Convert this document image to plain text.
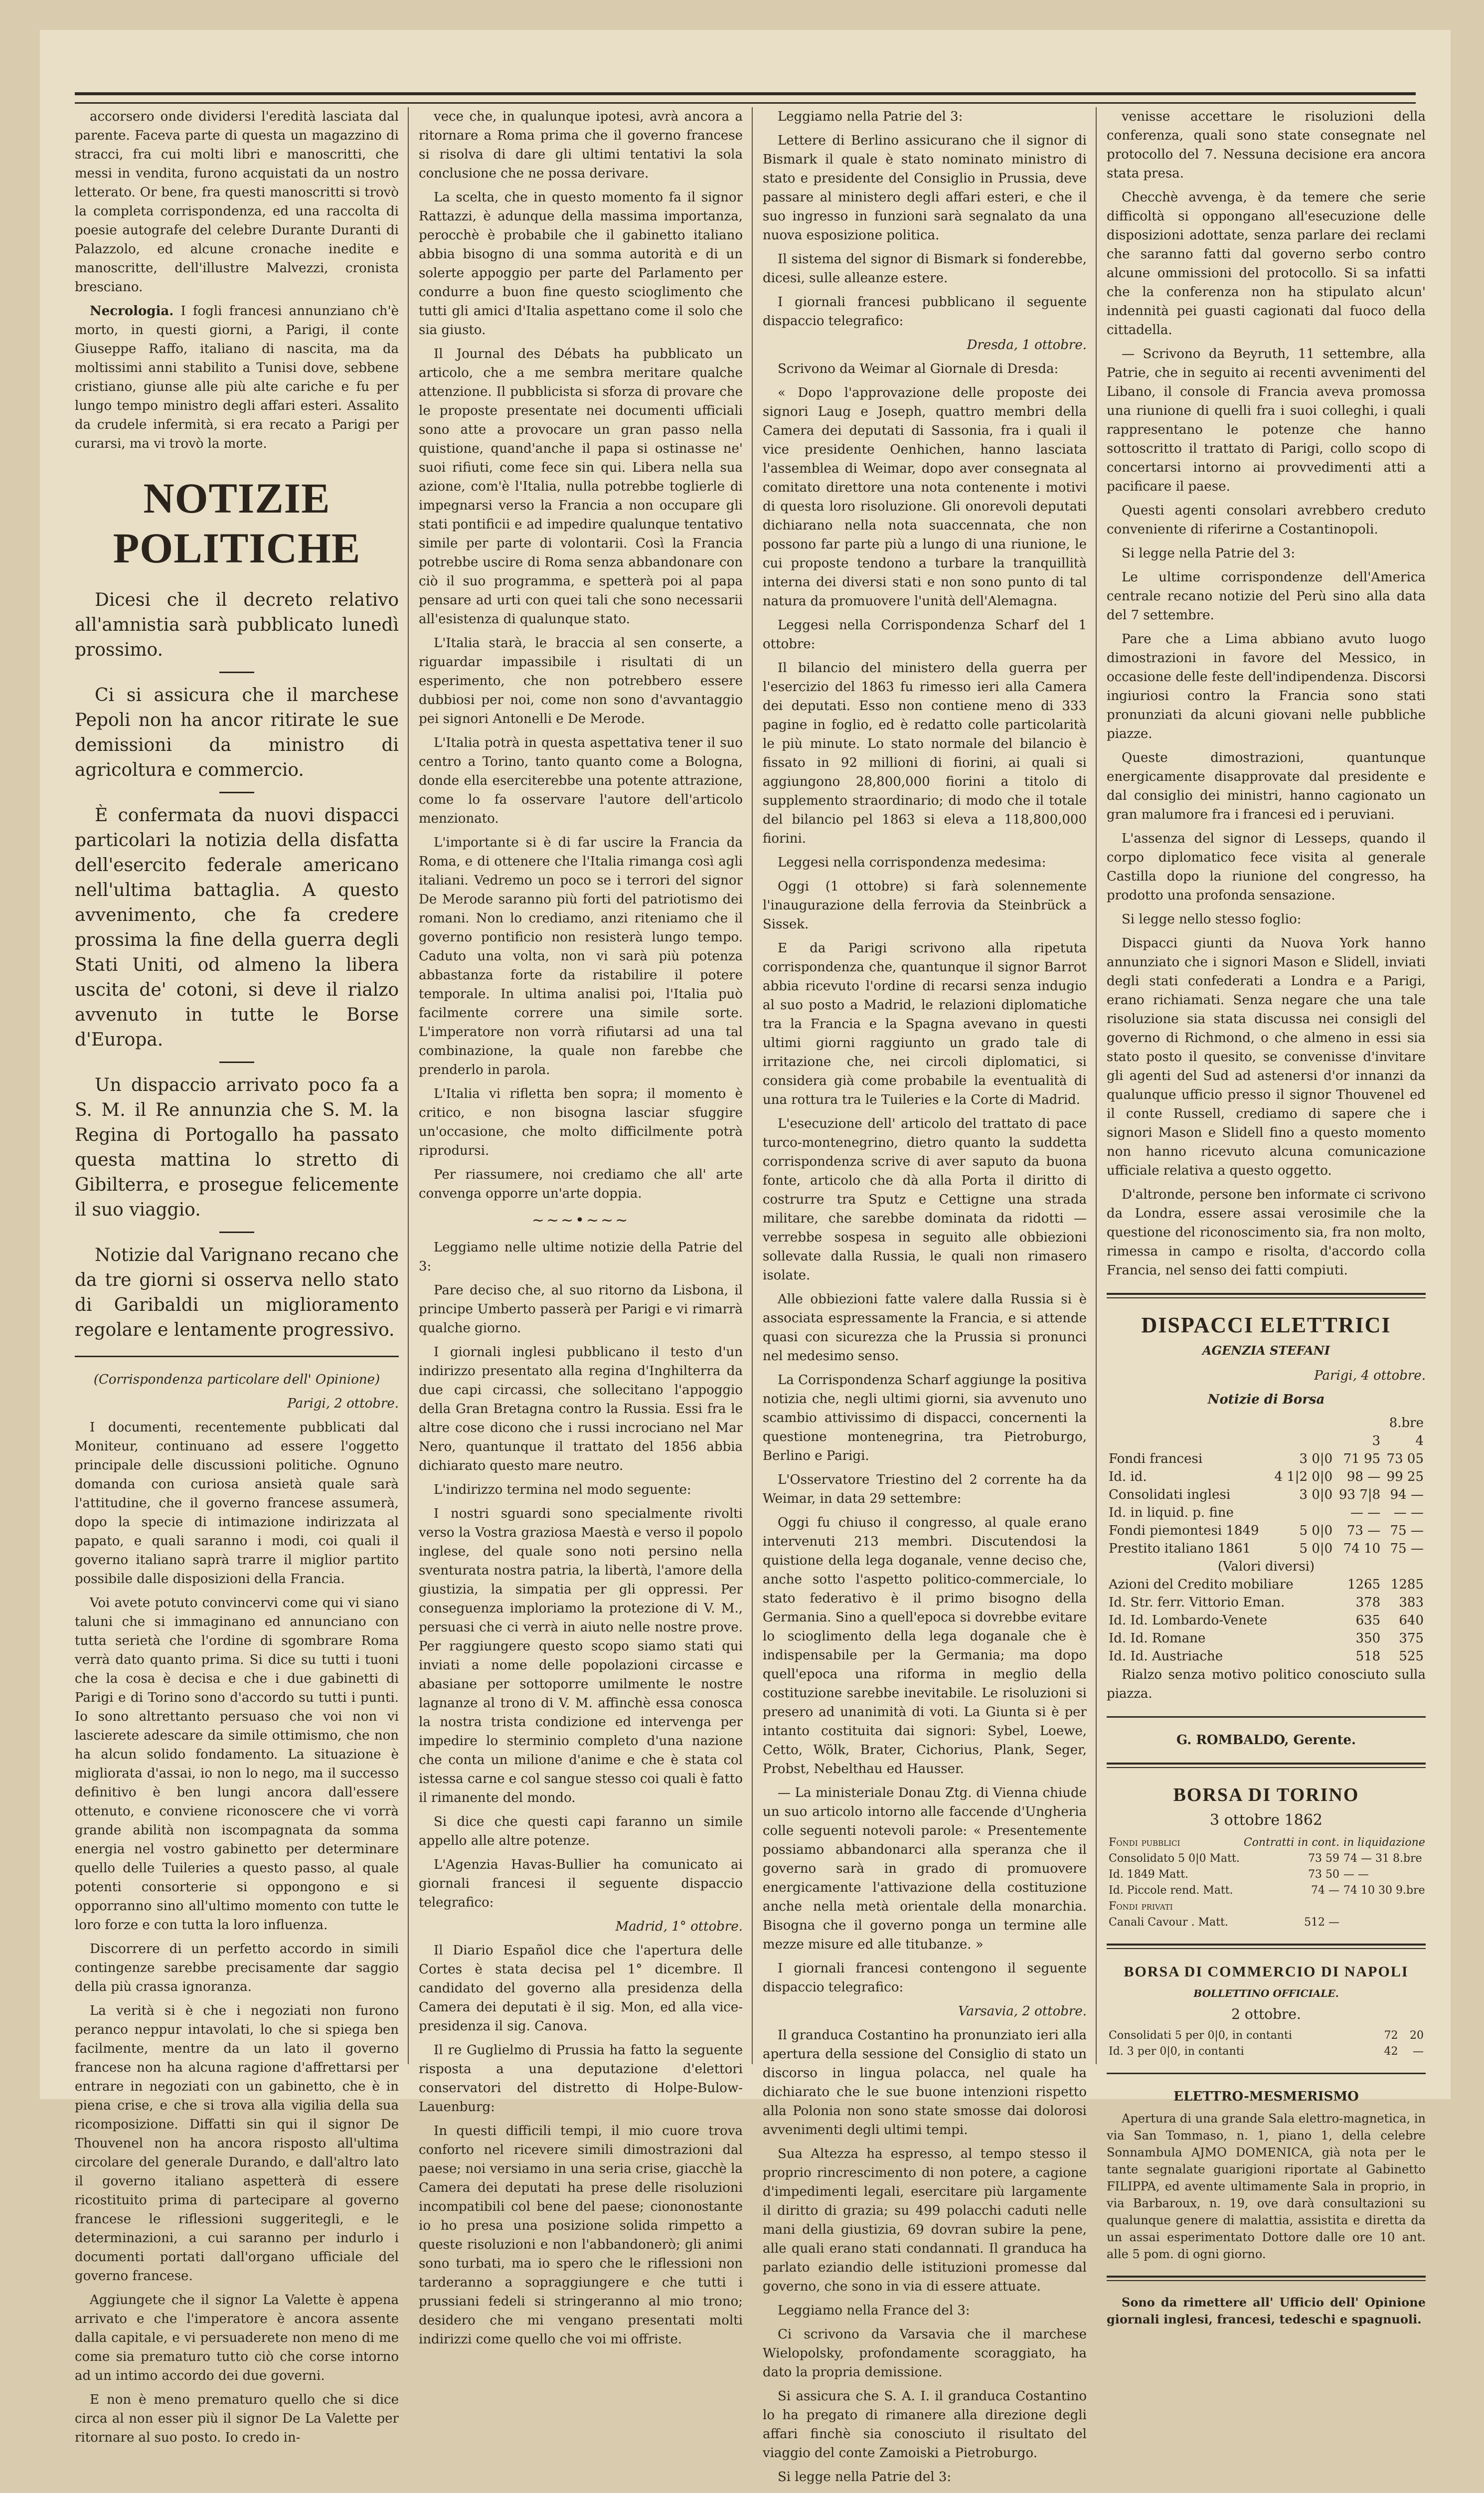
accorsero onde dividersi l'eredità lasciata dal parente. Faceva parte di questa un magazzino di stracci, fra cui molti libri e manoscritti, che messi in vendita, furono acquistati da un nostro letterato. Or bene, fra questi manoscritti si trovò la completa corrispondenza, ed una raccolta di poesie autografe del celebre Durante Duranti di Palazzolo, ed alcune cronache inedite e manoscritte, dell'illustre Malvezzi, cronista bresciano.

Necrologia. I fogli francesi annunziano ch'è morto, in questi giorni, a Parigi, il conte Giuseppe Raffo, italiano di nascita, ma da moltissimi anni stabilito a Tunisi dove, sebbene cristiano, giunse alle più alte cariche e fu per lungo tempo ministro degli affari esteri. Assalito da crudele infermità, si era recato a Parigi per curarsi, ma vi trovò la morte.

NOTIZIE POLITICHE
Dicesi che il decreto relativo all'amnistia sarà pubblicato lunedì prossimo.
Ci si assicura che il marchese Pepoli non ha ancor ritirate le sue demissioni da ministro di agricoltura e commercio.
È confermata da nuovi dispacci particolari la notizia della disfatta dell'esercito federale americano nell'ultima battaglia. A questo avvenimento, che fa credere prossima la fine della guerra degli Stati Uniti, od almeno la libera uscita de' cotoni, si deve il rialzo avvenuto in tutte le Borse d'Europa.
Un dispaccio arrivato poco fa a S. M. il Re annunzia che S. M. la Regina di Portogallo ha passato questa mattina lo stretto di Gibilterra, e prosegue felicemente il suo viaggio.
Notizie dal Varignano recano che da tre giorni si osserva nello stato di Garibaldi un miglioramento regolare e lentamente progressivo.

(Corrispondenza particolare dell' Opinione)

Parigi, 2 ottobre.

I documenti, recentemente pubblicati dal Moniteur, continuano ad essere l'oggetto principale delle discussioni politiche. Ognuno domanda con curiosa ansietà quale sarà l'attitudine, che il governo francese assumerà, dopo la specie di intimazione indirizzata al papato, e quali saranno i modi, coi quali il governo italiano saprà trarre il miglior partito possibile dalle disposizioni della Francia.

Voi avete potuto convincervi come qui vi siano taluni che si immaginano ed annunciano con tutta serietà che l'ordine di sgombrare Roma verrà dato quanto prima. Si dice su tutti i tuoni che la cosa è decisa e che i due gabinetti di Parigi e di Torino sono d'accordo su tutti i punti. Io sono altrettanto persuaso che voi non vi lascierete adescare da simile ottimismo, che non ha alcun solido fondamento. La situazione è migliorata d'assai, io non lo nego, ma il successo definitivo è ben lungi ancora dall'essere ottenuto, e conviene riconoscere che vi vorrà grande abilità non iscompagnata da somma energia nel vostro gabinetto per determinare quello delle Tuileries a questo passo, al quale potenti consorterie si oppongono e si opporranno sino all'ultimo momento con tutte le loro forze e con tutta la loro influenza.

Discorrere di un perfetto accordo in simili contingenze sarebbe precisamente dar saggio della più crassa ignoranza.

La verità si è che i negoziati non furono peranco neppur intavolati, lo che si spiega ben facilmente, mentre da un lato il governo francese non ha alcuna ragione d'affrettarsi per entrare in negoziati con un gabinetto, che è in piena crise, e che si trova alla vigilia della sua ricomposizione. Diffatti sin qui il signor De Thouvenel non ha ancora risposto all'ultima circolare del generale Durando, e dall'altro lato il governo italiano aspetterà di essere ricostituito prima di partecipare al governo francese le riflessioni suggeritegli, e le determinazioni, a cui saranno per indurlo i documenti portati dall'organo ufficiale del governo francese.

Aggiungete che il signor La Valette è appena arrivato e che l'imperatore è ancora assente dalla capitale, e vi persuaderete non meno di me come sia prematuro tutto ciò che corse intorno ad un intimo accordo dei due governi.

E non è meno prematuro quello che si dice circa al non esser più il signor De La Valette per ritornare al suo posto. Io credo in-

vece che, in qualunque ipotesi, avrà ancora a ritornare a Roma prima che il governo francese si risolva di dare gli ultimi tentativi la sola conclusione che ne possa derivare.

La scelta, che in questo momento fa il signor Rattazzi, è adunque della massima importanza, perocchè è probabile che il gabinetto italiano abbia bisogno di una somma autorità e di un solerte appoggio per parte del Parlamento per condurre a buon fine questo scioglimento che tutti gli amici d'Italia aspettano come il solo che sia giusto.

Il Journal des Débats ha pubblicato un articolo, che a me sembra meritare qualche attenzione. Il pubblicista si sforza di provare che le proposte presentate nei documenti ufficiali sono atte a provocare un gran passo nella quistione, quand'anche il papa si ostinasse ne' suoi rifiuti, come fece sin qui. Libera nella sua azione, com'è l'Italia, nulla potrebbe toglierle di impegnarsi verso la Francia a non occupare gli stati pontificii e ad impedire qualunque tentativo simile per parte di volontarii. Così la Francia potrebbe uscire di Roma senza abbandonare con ciò il suo programma, e spetterà poi al papa pensare ad urti con quei tali che sono necessarii all'esistenza di qualunque stato.

L'Italia starà, le braccia al sen conserte, a riguardar impassibile i risultati di un esperimento, che non potrebbero essere dubbiosi per noi, come non sono d'avvantaggio pei signori Antonelli e De Merode.

L'Italia potrà in questa aspettativa tener il suo centro a Torino, tanto quanto come a Bologna, donde ella eserciterebbe una potente attrazione, come lo fa osservare l'autore dell'articolo menzionato.

L'importante si è di far uscire la Francia da Roma, e di ottenere che l'Italia rimanga così agli italiani. Vedremo un poco se i terrori del signor De Merode saranno più forti del patriotismo dei romani. Non lo crediamo, anzi riteniamo che il governo pontificio non resisterà lungo tempo. Caduto una volta, non vi sarà più potenza abbastanza forte da ristabilire il potere temporale. In ultima analisi poi, l'Italia può facilmente correre una simile sorte. L'imperatore non vorrà rifiutarsi ad una tal combinazione, la quale non farebbe che prenderlo in parola.

L'Italia vi rifletta ben sopra; il momento è critico, e non bisogna lasciar sfuggire un'occasione, che molto difficilmente potrà riprodursi.

Per riassumere, noi crediamo che all' arte convenga opporre un'arte doppia.

~~~•~~~

Leggiamo nelle ultime notizie della Patrie del 3:

Pare deciso che, al suo ritorno da Lisbona, il principe Umberto passerà per Parigi e vi rimarrà qualche giorno.

I giornali inglesi pubblicano il testo d'un indirizzo presentato alla regina d'Inghilterra da due capi circassi, che sollecitano l'appoggio della Gran Bretagna contro la Russia. Essi fra le altre cose dicono che i russi incrociano nel Mar Nero, quantunque il trattato del 1856 abbia dichiarato questo mare neutro.

L'indirizzo termina nel modo seguente:

I nostri sguardi sono specialmente rivolti verso la Vostra graziosa Maestà e verso il popolo inglese, del quale sono noti persino nella sventurata nostra patria, la libertà, l'amore della giustizia, la simpatia per gli oppressi. Per conseguenza imploriamo la protezione di V. M., persuasi che ci verrà in aiuto nelle nostre prove. Per raggiungere questo scopo siamo stati qui inviati a nome delle popolazioni circasse e abasiane per sottoporre umilmente le nostre lagnanze al trono di V. M. affinchè essa conosca la nostra trista condizione ed intervenga per impedire lo sterminio completo d'una nazione che conta un milione d'anime e che è stata col istessa carne e col sangue stesso coi quali è fatto il rimanente del mondo.

Si dice che questi capi faranno un simile appello alle altre potenze.

L'Agenzia Havas-Bullier ha comunicato ai giornali francesi il seguente dispaccio telegrafico:

Madrid, 1° ottobre.

Il Diario Español dice che l'apertura delle Cortes è stata decisa pel 1° dicembre. Il candidato del governo alla presidenza della Camera dei deputati è il sig. Mon, ed alla vice-presidenza il sig. Canova.

Il re Guglielmo di Prussia ha fatto la seguente risposta a una deputazione d'elettori conservatori del distretto di Holpe-Bulow-Lauenburg:

In questi difficili tempi, il mio cuore trova conforto nel ricevere simili dimostrazioni dal paese; noi versiamo in una seria crise, giacchè la Camera dei deputati ha prese delle risoluzioni incompatibili col bene del paese; ciononostante io ho presa una posizione solida rimpetto a queste risoluzioni e non l'abbandonerò; gli animi sono turbati, ma io spero che le riflessioni non tarderanno a sopraggiungere e che tutti i prussiani fedeli si stringeranno al mio trono; desidero che mi vengano presentati molti indirizzi come quello che voi mi offriste.

Leggiamo nella Patrie del 3:

Lettere di Berlino assicurano che il signor di Bismark il quale è stato nominato ministro di stato e presidente del Consiglio in Prussia, deve passare al ministero degli affari esteri, e che il suo ingresso in funzioni sarà segnalato da una nuova esposizione politica.

Il sistema del signor di Bismark si fonderebbe, dicesi, sulle alleanze estere.

I giornali francesi pubblicano il seguente dispaccio telegrafico:

Dresda, 1 ottobre.

Scrivono da Weimar al Giornale di Dresda:

« Dopo l'approvazione delle proposte dei signori Laug e Joseph, quattro membri della Camera dei deputati di Sassonia, fra i quali il vice presidente Oenhichen, hanno lasciata l'assemblea di Weimar, dopo aver consegnata al comitato direttore una nota contenente i motivi di questa loro risoluzione. Gli onorevoli deputati dichiarano nella nota suaccennata, che non possono far parte più a lungo di una riunione, le cui proposte tendono a turbare la tranquillità interna dei diversi stati e non sono punto di tal natura da promuovere l'unità dell'Alemagna.

Leggesi nella Corrispondenza Scharf del 1 ottobre:

Il bilancio del ministero della guerra per l'esercizio del 1863 fu rimesso ieri alla Camera dei deputati. Esso non contiene meno di 333 pagine in foglio, ed è redatto colle particolarità le più minute. Lo stato normale del bilancio è fissato in 92 millioni di fiorini, ai quali si aggiungono 28,800,000 fiorini a titolo di supplemento straordinario; di modo che il totale del bilancio pel 1863 si eleva a 118,800,000 fiorini.

Leggesi nella corrispondenza medesima:

Oggi (1 ottobre) si farà solennemente l'inaugurazione della ferrovia da Steinbrück a Sissek.

E da Parigi scrivono alla ripetuta corrispondenza che, quantunque il signor Barrot abbia ricevuto l'ordine di recarsi senza indugio al suo posto a Madrid, le relazioni diplomatiche tra la Francia e la Spagna avevano in questi ultimi giorni raggiunto un grado tale di irritazione che, nei circoli diplomatici, si considera già come probabile la eventualità di una rottura tra le Tuileries e la Corte di Madrid.

L'esecuzione dell' articolo del trattato di pace turco-montenegrino, dietro quanto la suddetta corrispondenza scrive di aver saputo da buona fonte, articolo che dà alla Porta il diritto di costrurre tra Sputz e Cettigne una strada militare, che sarebbe dominata da ridotti — verrebbe sospesa in seguito alle obbiezioni sollevate dalla Russia, le quali non rimasero isolate.

Alle obbiezioni fatte valere dalla Russia si è associata espressamente la Francia, e si attende quasi con sicurezza che la Prussia si pronunci nel medesimo senso.

La Corrispondenza Scharf aggiunge la positiva notizia che, negli ultimi giorni, sia avvenuto uno scambio attivissimo di dispacci, concernenti la questione montenegrina, tra Pietroburgo, Berlino e Parigi.

L'Osservatore Triestino del 2 corrente ha da Weimar, in data 29 settembre:

Oggi fu chiuso il congresso, al quale erano intervenuti 213 membri. Discutendosi la quistione della lega doganale, venne deciso che, anche sotto l'aspetto politico-commerciale, lo stato federativo è il primo bisogno della Germania. Sino a quell'epoca si dovrebbe evitare lo scioglimento della lega doganale che è indispensabile per la Germania; ma dopo quell'epoca una riforma in meglio della costituzione sarebbe inevitabile. Le risoluzioni si presero ad unanimità di voti. La Giunta si è per intanto costituita dai signori: Sybel, Loewe, Cetto, Wölk, Brater, Cichorius, Plank, Seger, Probst, Nebelthau ed Hausser.

— La ministeriale Donau Ztg. di Vienna chiude un suo articolo intorno alle faccende d'Ungheria colle seguenti notevoli parole: « Presentemente possiamo abbandonarci alla speranza che il governo sarà in grado di promuovere energicamente l'attivazione della costituzione anche nella metà orientale della monarchia. Bisogna che il governo ponga un termine alle mezze misure ed alle titubanze. »

I giornali francesi contengono il seguente dispaccio telegrafico:

Varsavia, 2 ottobre.

Il granduca Costantino ha pronunziato ieri alla apertura della sessione del Consiglio di stato un discorso in lingua polacca, nel quale ha dichiarato che le sue buone intenzioni rispetto alla Polonia non sono state smosse dai dolorosi avvenimenti degli ultimi tempi.

Sua Altezza ha espresso, al tempo stesso il proprio rincrescimento di non potere, a cagione d'impedimenti legali, esercitare più largamente il diritto di grazia; su 499 polacchi caduti nelle mani della giustizia, 69 dovran subire la pene, alle quali erano stati condannati. Il granduca ha parlato eziandio delle istituzioni promesse dal governo, che sono in via di essere attuate.

Leggiamo nella France del 3:

Ci scrivono da Varsavia che il marchese Wielopolsky, profondamente scoraggiato, ha dato la propria demissione.

Si assicura che S. A. I. il granduca Costantino lo ha pregato di rimanere alla direzione degli affari finchè sia conosciuto il risultato del viaggio del conte Zamoiski a Pietroburgo.

Si legge nella Patrie del 3:

venisse accettare le risoluzioni della conferenza, quali sono state consegnate nel protocollo del 7. Nessuna decisione era ancora stata presa.

Checchè avvenga, è da temere che serie difficoltà si oppongano all'esecuzione delle disposizioni adottate, senza parlare dei reclami che saranno fatti dal governo serbo contro alcune ommissioni del protocollo. Si sa infatti che la conferenza non ha stipulato alcun' indennità pei guasti cagionati dal fuoco della cittadella.

— Scrivono da Beyruth, 11 settembre, alla Patrie, che in seguito ai recenti avvenimenti del Libano, il console di Francia aveva promossa una riunione di quelli fra i suoi colleghi, i quali rappresentano le potenze che hanno sottoscritto il trattato di Parigi, collo scopo di concertarsi intorno ai provvedimenti atti a pacificare il paese.

Questi agenti consolari avrebbero creduto conveniente di riferirne a Costantinopoli.

Si legge nella Patrie del 3:

Le ultime corrispondenze dell'America centrale recano notizie del Perù sino alla data del 7 settembre.

Pare che a Lima abbiano avuto luogo dimostrazioni in favore del Messico, in occasione delle feste dell'indipendenza. Discorsi ingiuriosi contro la Francia sono stati pronunziati da alcuni giovani nelle pubbliche piazze.

Queste dimostrazioni, quantunque energicamente disapprovate dal presidente e dal consiglio dei ministri, hanno cagionato un gran malumore fra i francesi ed i peruviani.

L'assenza del signor di Lesseps, quando il corpo diplomatico fece visita al generale Castilla dopo la riunione del congresso, ha prodotto una profonda sensazione.

Si legge nello stesso foglio:

Dispacci giunti da Nuova York hanno annunziato che i signori Mason e Slidell, inviati degli stati confederati a Londra e a Parigi, erano richiamati. Senza negare che una tale risoluzione sia stata discussa nei consigli del governo di Richmond, o che almeno in essi sia stato posto il quesito, se convenisse d'invitare gli agenti del Sud ad astenersi d'or innanzi da qualunque ufficio presso il signor Thouvenel ed il conte Russell, crediamo di sapere che i signori Mason e Slidell fino a questo momento non hanno ricevuto alcuna comunicazione ufficiale relativa a questo oggetto.

D'altronde, persone ben informate ci scrivono da Londra, essere assai verosimile che la questione del riconoscimento sia, fra non molto, rimessa in campo e risolta, d'accordo colla Francia, nel senso dei fatti compiuti.

DISPACCI ELETTRICI
AGENZIA STEFANI

Parigi, 4 ottobre.

Notizie di Borsa

		8.bre	
		3	4
Fondi francesi	3 0|0	71 95	73 05
Id. id.	4 1|2 0|0	98 —	99 25
Consolidati inglesi	3 0|0	93 7|8	94 —
Id. in liquid. p. fine		— —	— —
Fondi piemontesi 1849	5 0|0	73 —	75 —
Prestito italiano 1861	5 0|0	74 10	75 —
(Valori diversi)			
Azioni del Credito mobiliare		1265	1285
Id. Str. ferr. Vittorio Eman.		378	383
Id. Id. Lombardo-Venete		635	640
Id. Id. Romane		350	375
Id. Id. Austriache		518	525

Rialzo senza motivo politico conosciuto sulla piazza.

G. ROMBALDO, Gerente.
BORSA DI TORINO
3 ottobre 1862
Fondi pubblici	Contratti in cont.	in liquidazione
Consolidato 5 0|0 Matt.	73 59	74 — 31 8.bre
Id. 1849 Matt.	73 50	— —
Id. Piccole rend. Matt.	74 —	74 10 30 9.bre
Fondi privati		
Canali Cavour . Matt.	512 —	
BORSA DI COMMERCIO DI NAPOLI
BOLLETTINO OFFICIALE.
2 ottobre.
Consolidati 5 per 0|0, in contanti	72	20
Id. 3 per 0|0, in contanti	42	—
ELETTRO-MESMERISMO

Apertura di una grande Sala elettro-magnetica, in via San Tommaso, n. 1, piano 1, della celebre Sonnambula AJMO DOMENICA, già nota per le tante segnalate guarigioni riportate al Gabinetto FILIPPA, ed avente ultimamente Sala in proprio, in via Barbaroux, n. 19, ove darà consultazioni su qualunque genere di malattia, assistita e diretta da un assai esperimentato Dottore dalle ore 10 ant. alle 5 pom. di ogni giorno.

Sono da rimettere all' Ufficio dell' Opinione giornali inglesi, francesi, tedeschi e spagnuoli.
